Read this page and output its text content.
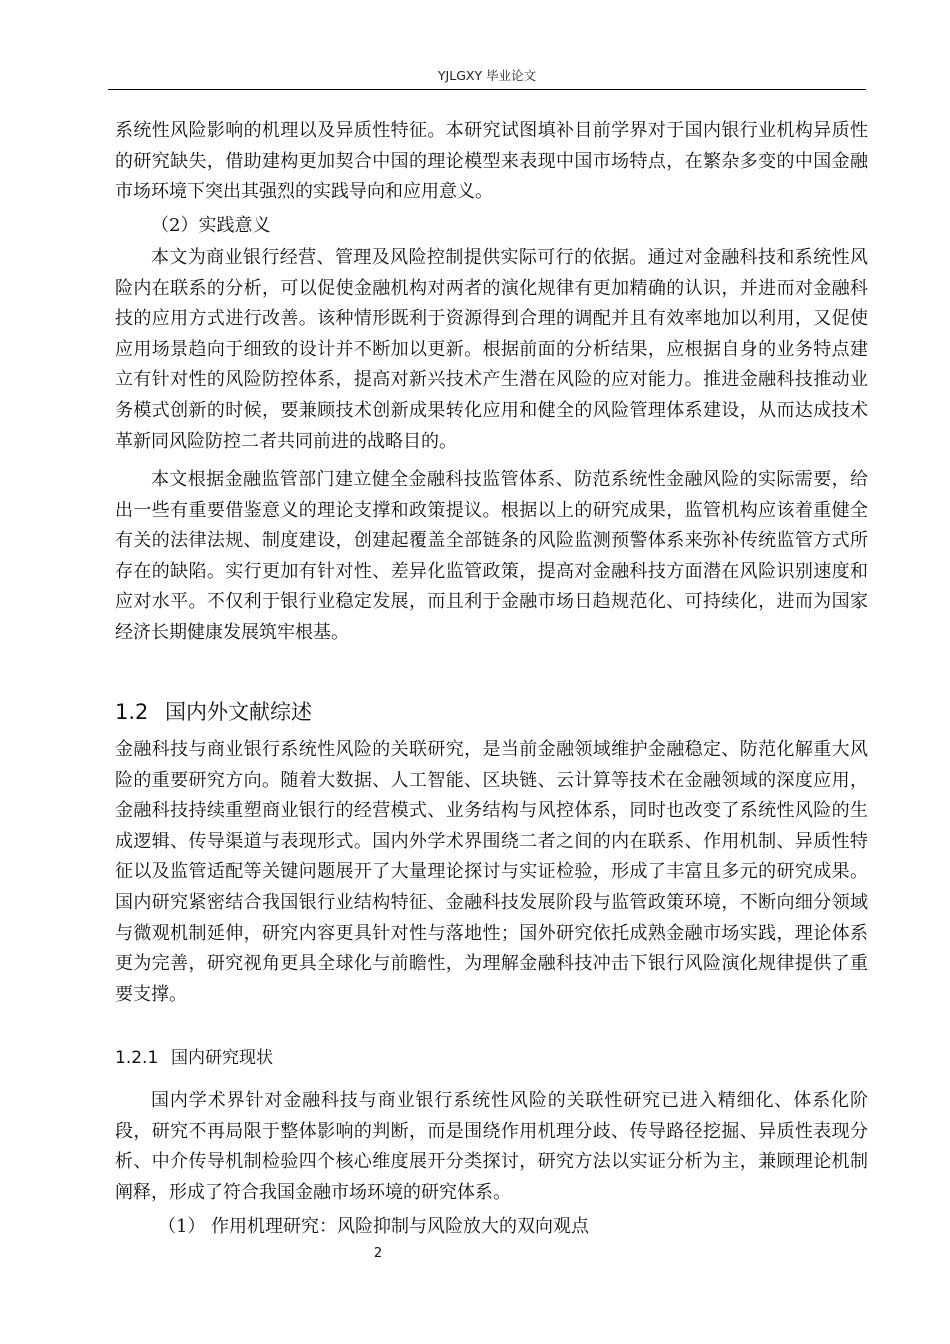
YJLGXY 毕业论文

系统性风险影响的机理以及异质性特征。本研究试图填补目前学界对于国内银行业机构异质性的研究缺失，借助建构更加契合中国的理论模型来表现中国市场特点，在繁杂多变的中国金融市场环境下突出其强烈的实践导向和应用意义。

（2）实践意义

本文为商业银行经营、管理及风险控制提供实际可行的依据。通过对金融科技和系统性风险内在联系的分析，可以促使金融机构对两者的演化规律有更加精确的认识，并进而对金融科技的应用方式进行改善。该种情形既利于资源得到合理的调配并且有效率地加以利用，又促使应用场景趋向于细致的设计并不断加以更新。根据前面的分析结果，应根据自身的业务特点建立有针对性的风险防控体系，提高对新兴技术产生潜在风险的应对能力。推进金融科技推动业务模式创新的时候，要兼顾技术创新成果转化应用和健全的风险管理体系建设，从而达成技术革新同风险防控二者共同前进的战略目的。

本文根据金融监管部门建立健全金融科技监管体系、防范系统性金融风险的实际需要，给出一些有重要借鉴意义的理论支撑和政策提议。根据以上的研究成果，监管机构应该着重健全有关的法律法规、制度建设，创建起覆盖全部链条的风险监测预警体系来弥补传统监管方式所存在的缺陷。实行更加有针对性、差异化监管政策，提高对金融科技方面潜在风险识别速度和应对水平。不仅利于银行业稳定发展，而且利于金融市场日趋规范化、可持续化，进而为国家经济长期健康发展筑牢根基。

1.2 国内外文献综述

金融科技与商业银行系统性风险的关联研究，是当前金融领域维护金融稳定、防范化解重大风险的重要研究方向。随着大数据、人工智能、区块链、云计算等技术在金融领域的深度应用，金融科技持续重塑商业银行的经营模式、业务结构与风控体系，同时也改变了系统性风险的生成逻辑、传导渠道与表现形式。国内外学术界围绕二者之间的内在联系、作用机制、异质性特征以及监管适配等关键问题展开了大量理论探讨与实证检验，形成了丰富且多元的研究成果。国内研究紧密结合我国银行业结构特征、金融科技发展阶段与监管政策环境，不断向细分领域与微观机制延伸，研究内容更具针对性与落地性；国外研究依托成熟金融市场实践，理论体系更为完善，研究视角更具全球化与前瞻性，为理解金融科技冲击下银行风险演化规律提供了重要支撑。

1.2.1 国内研究现状

国内学术界针对金融科技与商业银行系统性风险的关联性研究已进入精细化、体系化阶段，研究不再局限于整体影响的判断，而是围绕作用机理分歧、传导路径挖掘、异质性表现分析、中介传导机制检验四个核心维度展开分类探讨，研究方法以实证分析为主，兼顾理论机制阐释，形成了符合我国金融市场环境的研究体系。

（1） 作用机理研究：风险抑制与风险放大的双向观点

2
